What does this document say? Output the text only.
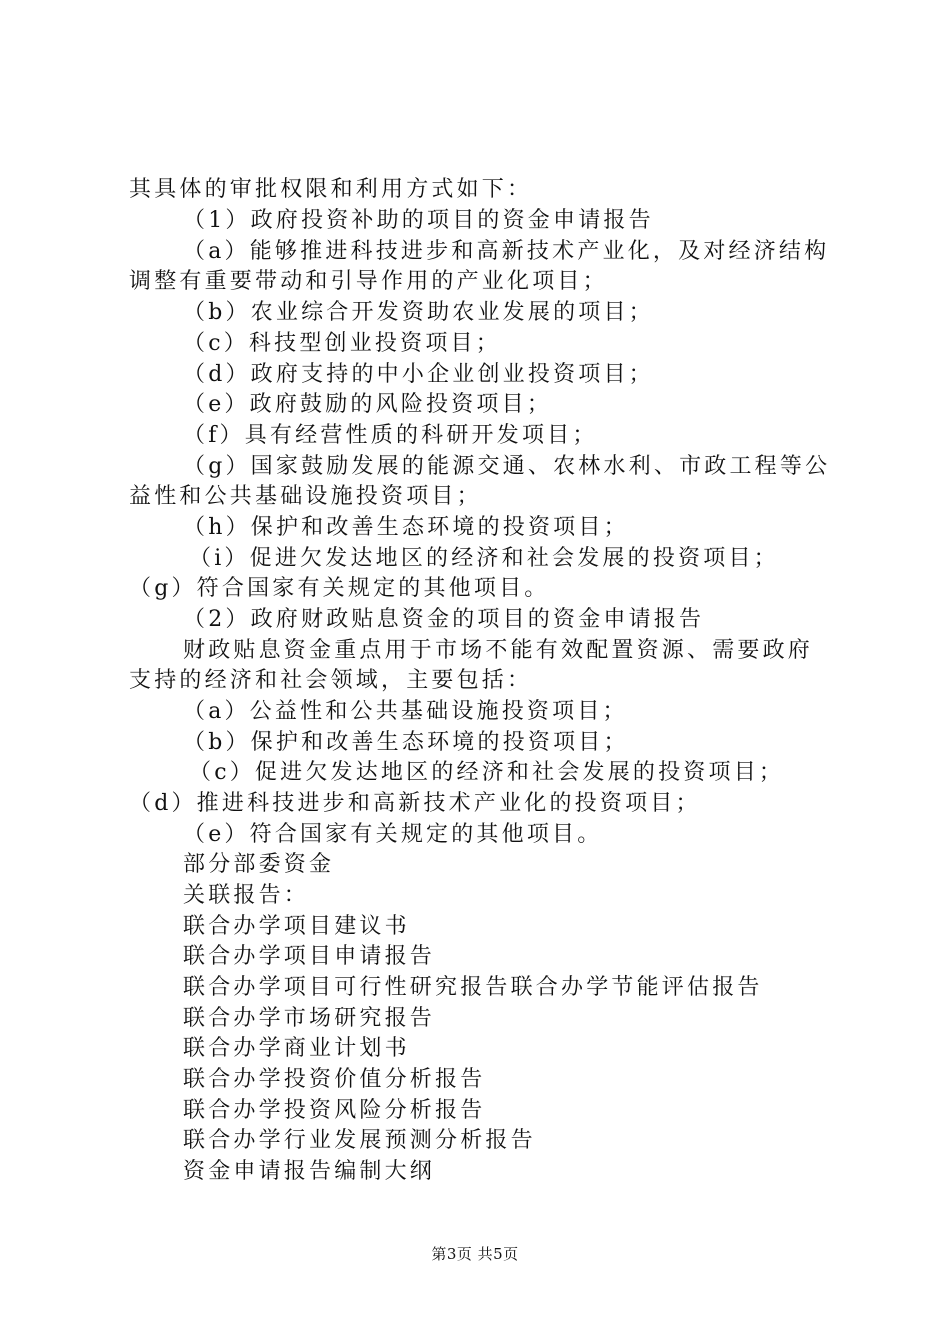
其具体的审批权限和利用方式如下：
（1）政府投资补助的项目的资金申请报告
（a）能够推进科技进步和高新技术产业化，及对经济结构
调整有重要带动和引导作用的产业化项目；
（b）农业综合开发资助农业发展的项目；
（c）科技型创业投资项目；
（d）政府支持的中小企业创业投资项目；
（e）政府鼓励的风险投资项目；
（f）具有经营性质的科研开发项目；
（g）国家鼓励发展的能源交通、农林水利、市政工程等公
益性和公共基础设施投资项目；
（h）保护和改善生态环境的投资项目；
（i）促进欠发达地区的经济和社会发展的投资项目；
（g）符合国家有关规定的其他项目。
（2）政府财政贴息资金的项目的资金申请报告
财政贴息资金重点用于市场不能有效配置资源、需要政府
支持的经济和社会领域，主要包括：
（a）公益性和公共基础设施投资项目；
（b）保护和改善生态环境的投资项目；
（c）促进欠发达地区的经济和社会发展的投资项目；
（d）推进科技进步和高新技术产业化的投资项目；
（e）符合国家有关规定的其他项目。
部分部委资金
关联报告：
联合办学项目建议书
联合办学项目申请报告
联合办学项目可行性研究报告联合办学节能评估报告
联合办学市场研究报告
联合办学商业计划书
联合办学投资价值分析报告
联合办学投资风险分析报告
联合办学行业发展预测分析报告
资金申请报告编制大纲
第3页 共5页
